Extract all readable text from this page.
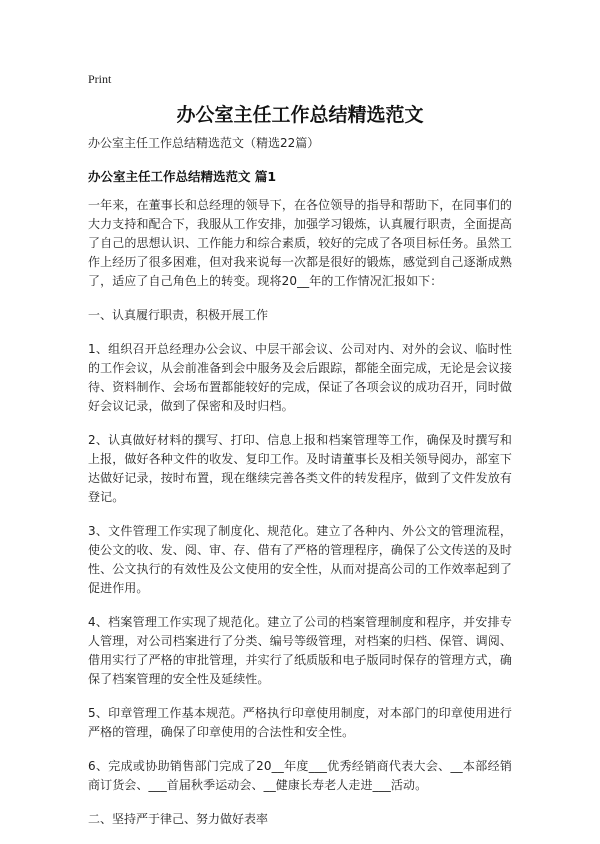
Print
办公室主任工作总结精选范文
办公室主任工作总结精选范文（精选22篇）
办公室主任工作总结精选范文 篇1

一年来，在董事长和总经理的领导下，在各位领导的指导和帮助下，在同事们的大力支持和配合下，我服从工作安排，加强学习锻炼，认真履行职责，全面提高了自己的思想认识、工作能力和综合素质，较好的完成了各项目标任务。虽然工作上经历了很多困难，但对我来说每一次都是很好的锻炼，感觉到自己逐渐成熟了，适应了自己角色上的转变。现将20__年的工作情况汇报如下：

一、认真履行职责，积极开展工作

1、组织召开总经理办公会议、中层干部会议、公司对内、对外的会议、临时性的工作会议，从会前准备到会中服务及会后跟踪，都能全面完成，无论是会议接待、资料制作、会场布置都能较好的完成，保证了各项会议的成功召开，同时做好会议记录，做到了保密和及时归档。

2、认真做好材料的撰写、打印、信息上报和档案管理等工作，确保及时撰写和上报，做好各种文件的收发、复印工作。及时请董事长及相关领导阅办，部室下达做好记录，按时布置，现在继续完善各类文件的转发程序，做到了文件发放有登记。

3、文件管理工作实现了制度化、规范化。建立了各种内、外公文的管理流程，使公文的收、发、阅、审、存、借有了严格的管理程序，确保了公文传送的及时性、公文执行的有效性及公文使用的安全性，从而对提高公司的工作效率起到了促进作用。

4、档案管理工作实现了规范化。建立了公司的档案管理制度和程序，并安排专人管理，对公司档案进行了分类、编号等级管理，对档案的归档、保管、调阅、借用实行了严格的审批管理，并实行了纸质版和电子版同时保存的管理方式，确保了档案管理的安全性及延续性。

5、印章管理工作基本规范。严格执行印章使用制度，对本部门的印章使用进行严格的管理，确保了印章使用的合法性和安全性。

6、完成或协助销售部门完成了20__年度___优秀经销商代表大会、__本部经销商订货会、___首届秋季运动会、__健康长寿老人走进___活动。

二、坚持严于律己、努力做好表率
